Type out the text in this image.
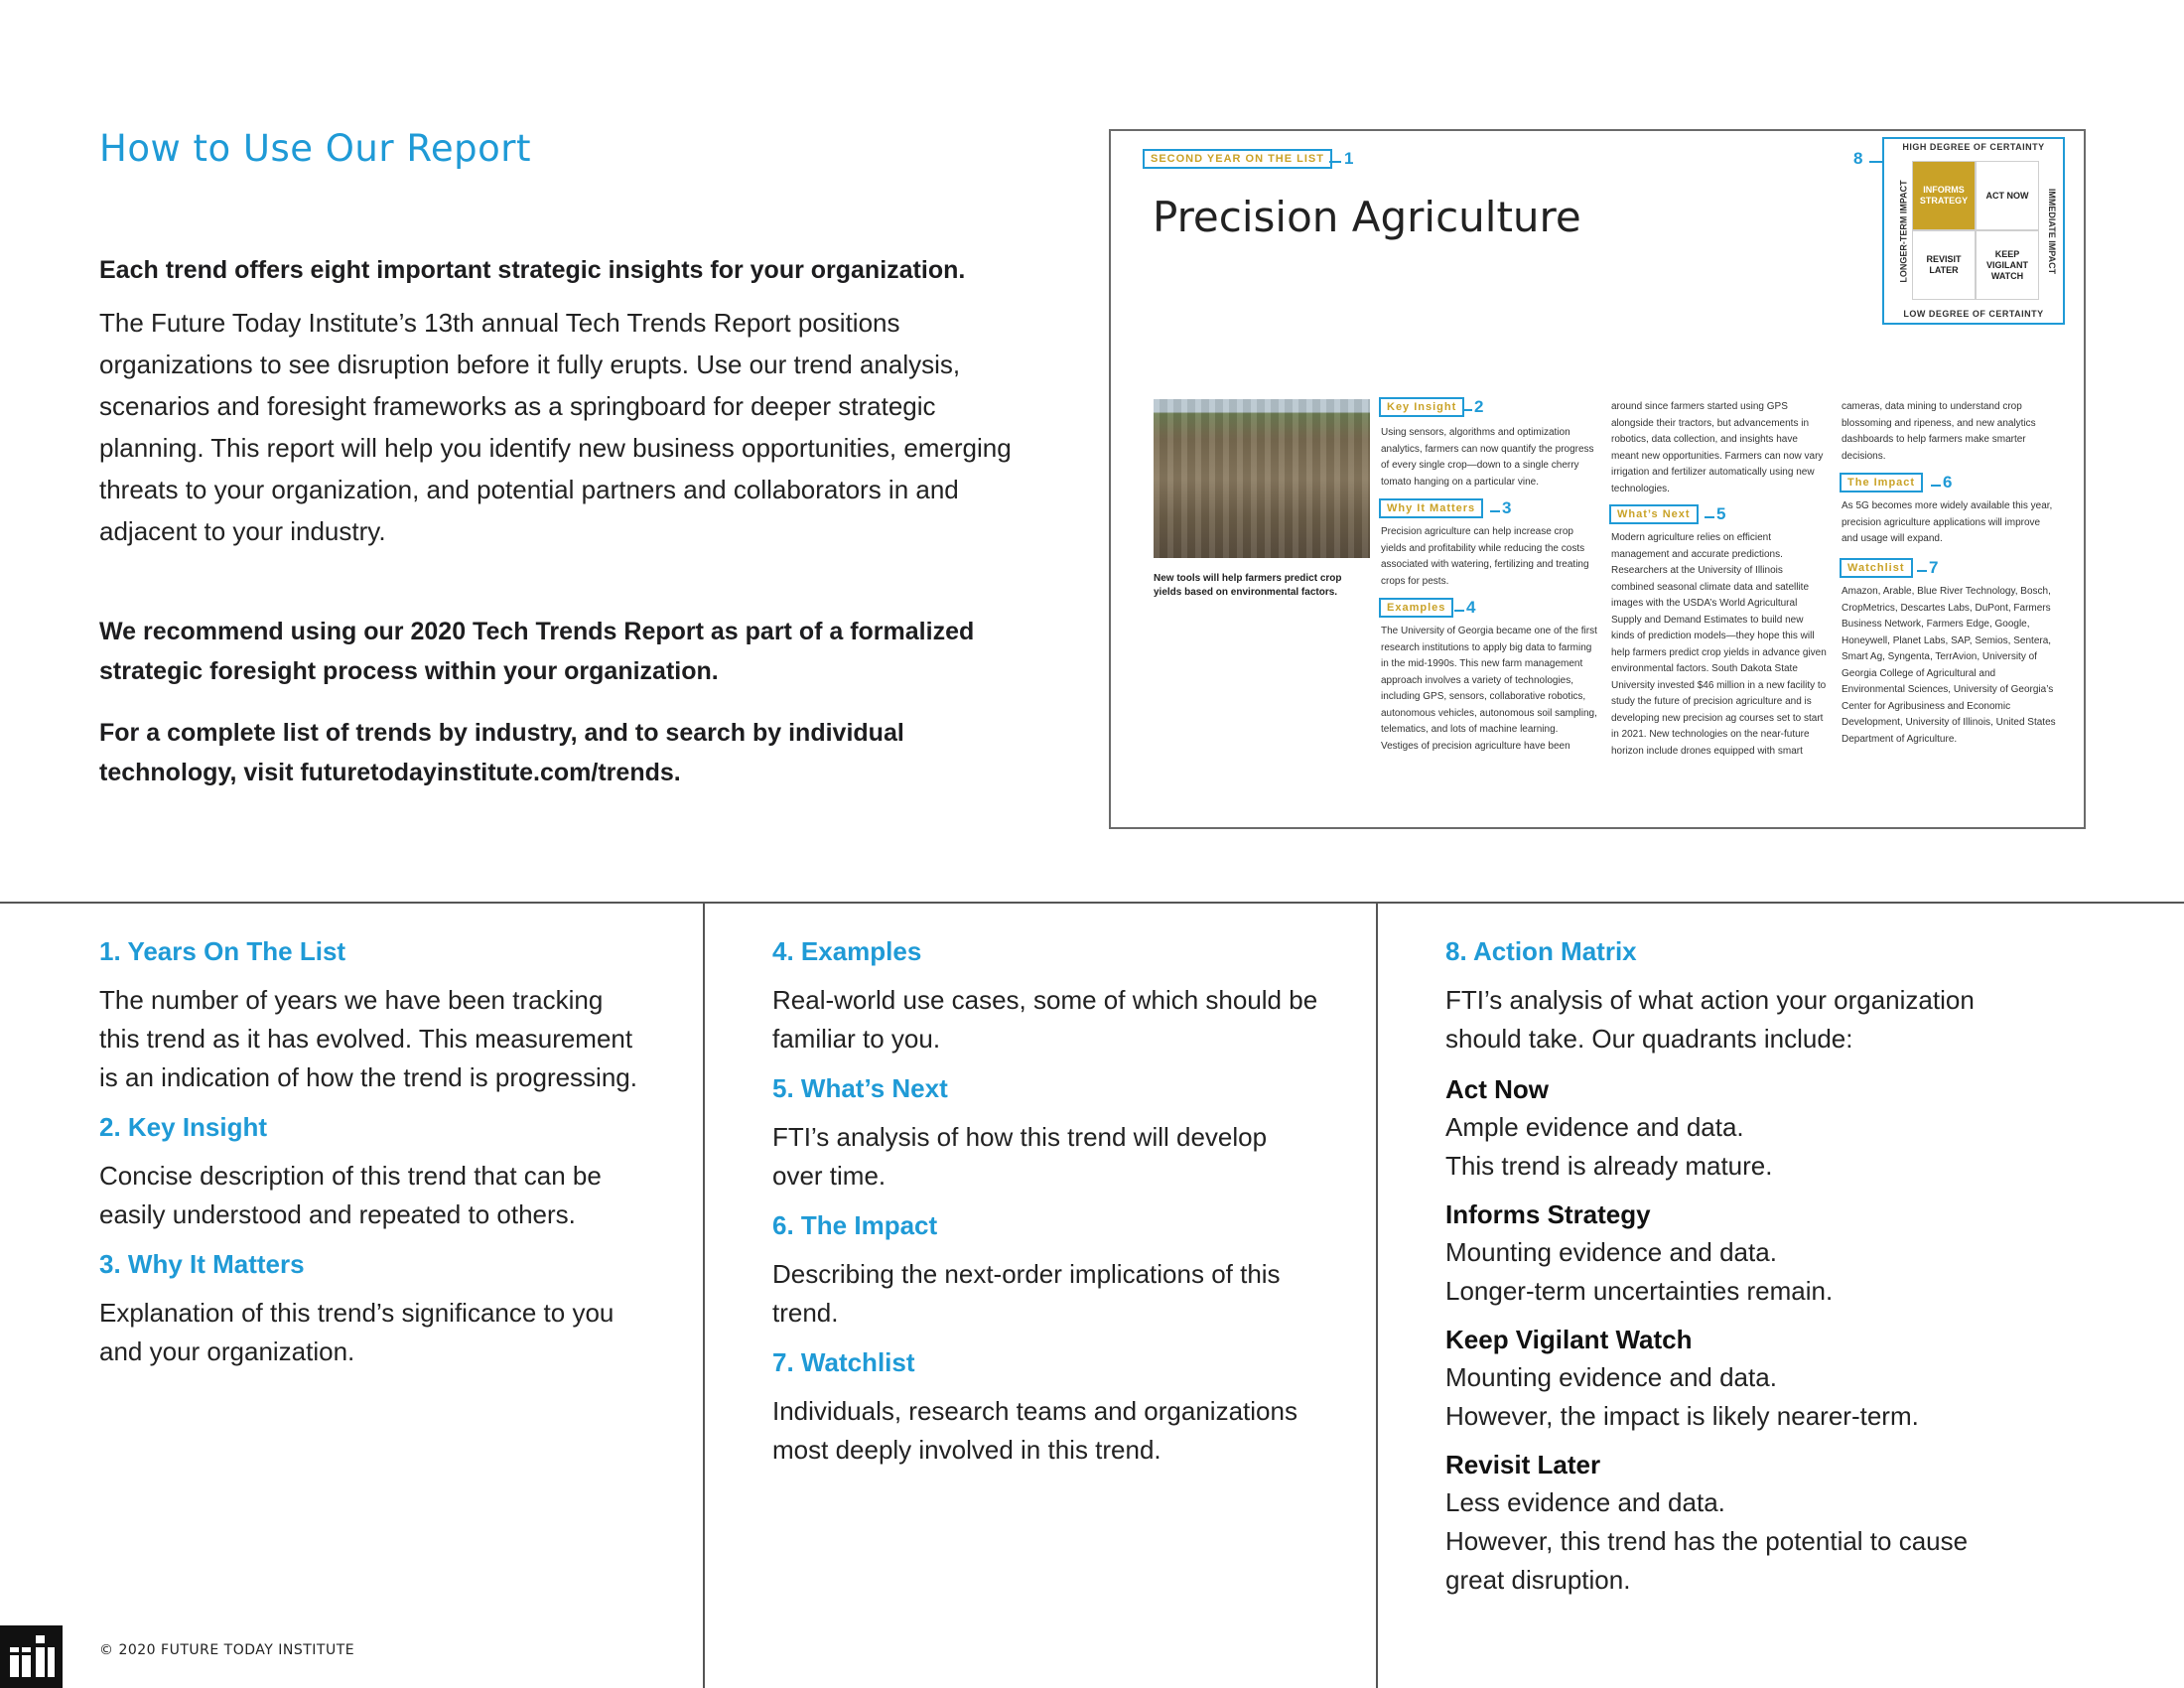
How to Use Our Report

Each trend offers eight important strategic insights for your organization.

The Future Today Institute’s 13th annual Tech Trends Report positions organizations to see disruption before it fully erupts. Use our trend analysis, scenarios and foresight frameworks as a springboard for deeper strategic planning. This report will help you identify new business opportunities, emerging threats to your organization, and potential partners and collaborators in and adjacent to your industry.

We recommend using our 2020 Tech Trends Report as part of a formalized strategic foresight process within your organization.

For a complete list of trends by industry, and to search by individual technology, visit futuretodayinstitute.com/trends.

SECOND YEAR ON THE LIST	1
Precision Agriculture
8
HIGH DEGREE OF CERTAINTY
LONGER-TERM IMPACT	IMMEDIATE IMPACT
INFORMS STRATEGY
ACT NOW
REVISIT LATER
KEEP VIGILANT WATCH
LOW DEGREE OF CERTAINTY
New tools will help farmers predict crop yields based on environmental factors.
Key Insight	2
Using sensors, algorithms and optimization analytics, farmers can now quantify the progress of every single crop—down to a single cherry tomato hanging on a particular vine.
Why It Matters	3
Precision agriculture can help increase crop yields and profitability while reducing the costs associated with watering, fertilizing and treating crops for pests.
Examples	4
The University of Georgia became one of the first research institutions to apply big data to farming in the mid-1990s. This new farm management approach involves a variety of technologies, including GPS, sensors, collaborative robotics, autonomous vehicles, autonomous soil sampling, telematics, and lots of machine learning. Vestiges of precision agriculture have been
around since farmers started using GPS alongside their tractors, but advancements in robotics, data collection, and insights have meant new opportunities. Farmers can now vary irrigation and fertilizer automatically using new technologies.
What’s Next	5
Modern agriculture relies on efficient management and accurate predictions. Researchers at the University of Illinois combined seasonal climate data and satellite images with the USDA’s World Agricultural Supply and Demand Estimates to build new kinds of prediction models—they hope this will help farmers predict crop yields in advance given environmental factors. South Dakota State University invested $46 million in a new facility to study the future of precision agriculture and is developing new precision ag courses set to start in 2021. New technologies on the near-future horizon include drones equipped with smart
cameras, data mining to understand crop blossoming and ripeness, and new analytics dashboards to help farmers make smarter decisions.
The Impact	6
As 5G becomes more widely available this year, precision agriculture applications will improve and usage will expand.
Watchlist	7
Amazon, Arable, Blue River Technology, Bosch, CropMetrics, Descartes Labs, DuPont, Farmers Business Network, Farmers Edge, Google, Honeywell, Planet Labs, SAP, Semios, Sentera, Smart Ag, Syngenta, TerrAvion, University of Georgia College of Agricultural and Environmental Sciences, University of Georgia’s Center for Agribusiness and Economic Development, University of Illinois, United States Department of Agriculture.
1. Years On The List

The number of years we have been tracking this trend as it has evolved. This measurement is an indication of how the trend is progressing.

2. Key Insight

Concise description of this trend that can be easily understood and repeated to others.

3. Why It Matters

Explanation of this trend’s significance to you and your organization.

4. Examples

Real-world use cases, some of which should be familiar to you.

5. What’s Next

FTI’s analysis of how this trend will develop over time.

6. The Impact

Describing the next-order implications of this trend.

7. Watchlist

Individuals, research teams and organizations most deeply involved in this trend.

8. Action Matrix

FTI’s analysis of what action your organization should take. Our quadrants include:

Act Now
Ample evidence and data.
This trend is already mature.
Informs Strategy
Mounting evidence and data.
Longer-term uncertainties remain.
Keep Vigilant Watch
Mounting evidence and data.
However, the impact is likely nearer-term.
Revisit Later
Less evidence and data.
However, this trend has the potential to cause great disruption.
© 2020 FUTURE TODAY INSTITUTE
